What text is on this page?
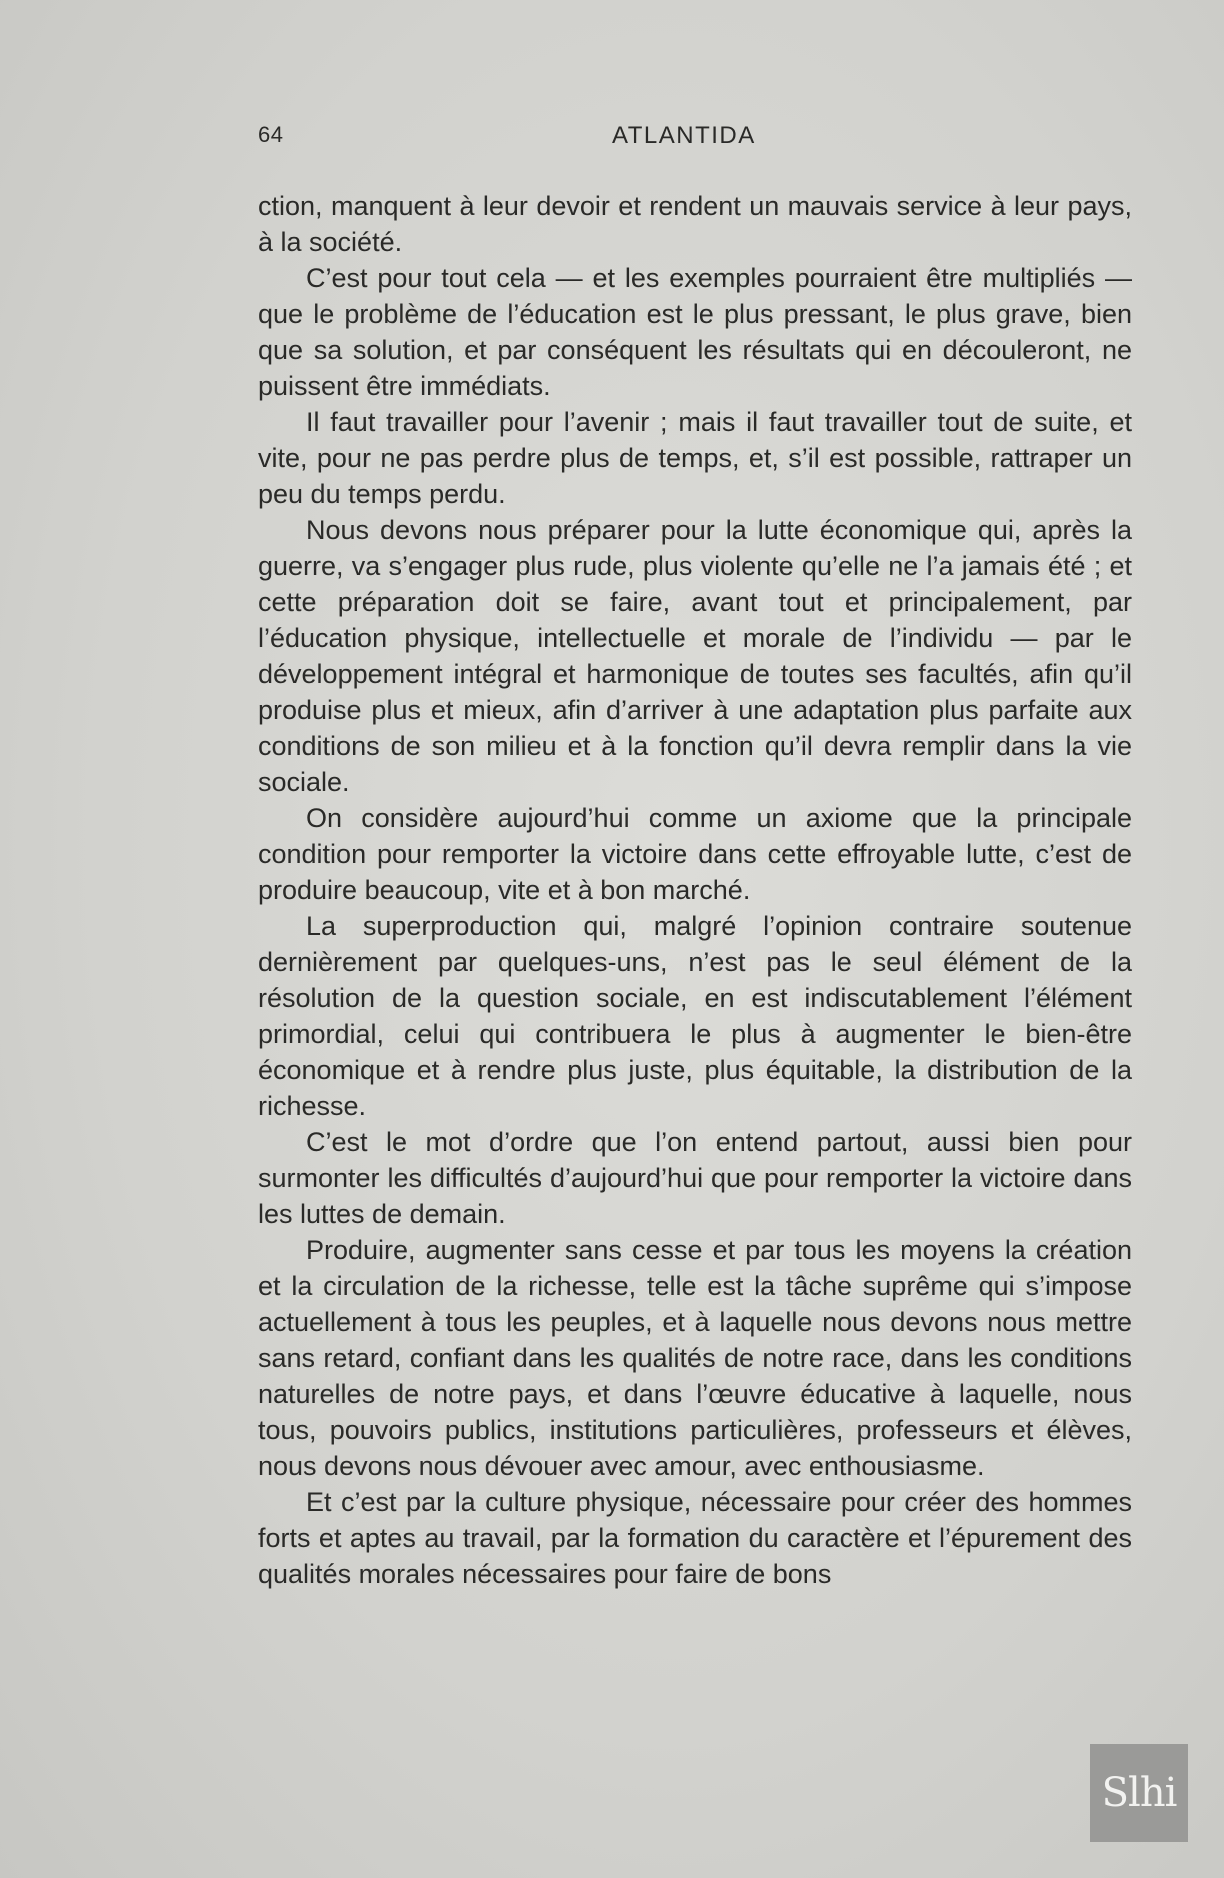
64	ATLANTIDA

ction, manquent à leur devoir et rendent un mauvais service à leur pays, à la société.

C’est pour tout cela — et les exemples pourraient être multipliés — que le problème de l’éducation est le plus pressant, le plus grave, bien que sa solution, et par conséquent les résultats qui en découleront, ne puissent être immédiats.

Il faut travailler pour l’avenir ; mais il faut travailler tout de suite, et vite, pour ne pas perdre plus de temps, et, s’il est possible, rattraper un peu du temps perdu.

Nous devons nous préparer pour la lutte économique qui, après la guerre, va s’engager plus rude, plus violente qu’elle ne l’a jamais été ; et cette préparation doit se faire, avant tout et principalement, par l’éducation physique, intellectuelle et morale de l’individu — par le développement intégral et harmonique de toutes ses facultés, afin qu’il produise plus et mieux, afin d’arriver à une adaptation plus parfaite aux conditions de son milieu et à la fonction qu’il devra remplir dans la vie sociale.

On considère aujourd’hui comme un axiome que la principale condition pour remporter la victoire dans cette effroyable lutte, c’est de produire beaucoup, vite et à bon marché.

La superproduction qui, malgré l’opinion contraire soutenue dernièrement par quelques-uns, n’est pas le seul élément de la résolution de la question sociale, en est indiscutablement l’élément primordial, celui qui contribuera le plus à augmenter le bien-être économique et à rendre plus juste, plus équitable, la distribution de la richesse.

C’est le mot d’ordre que l’on entend partout, aussi bien pour surmonter les difficultés d’aujourd’hui que pour remporter la victoire dans les luttes de demain.

Produire, augmenter sans cesse et par tous les moyens la création et la circulation de la richesse, telle est la tâche suprême qui s’impose actuellement à tous les peuples, et à laquelle nous devons nous mettre sans retard, confiant dans les qualités de notre race, dans les conditions naturelles de notre pays, et dans l’œuvre éducative à laquelle, nous tous, pouvoirs publics, institutions particulières, professeurs et élèves, nous devons nous dévouer avec amour, avec enthousiasme.

Et c’est par la culture physique, nécessaire pour créer des hommes forts et aptes au travail, par la formation du caractère et l’épurement des qualités morales nécessaires pour faire de bons

Slhi
